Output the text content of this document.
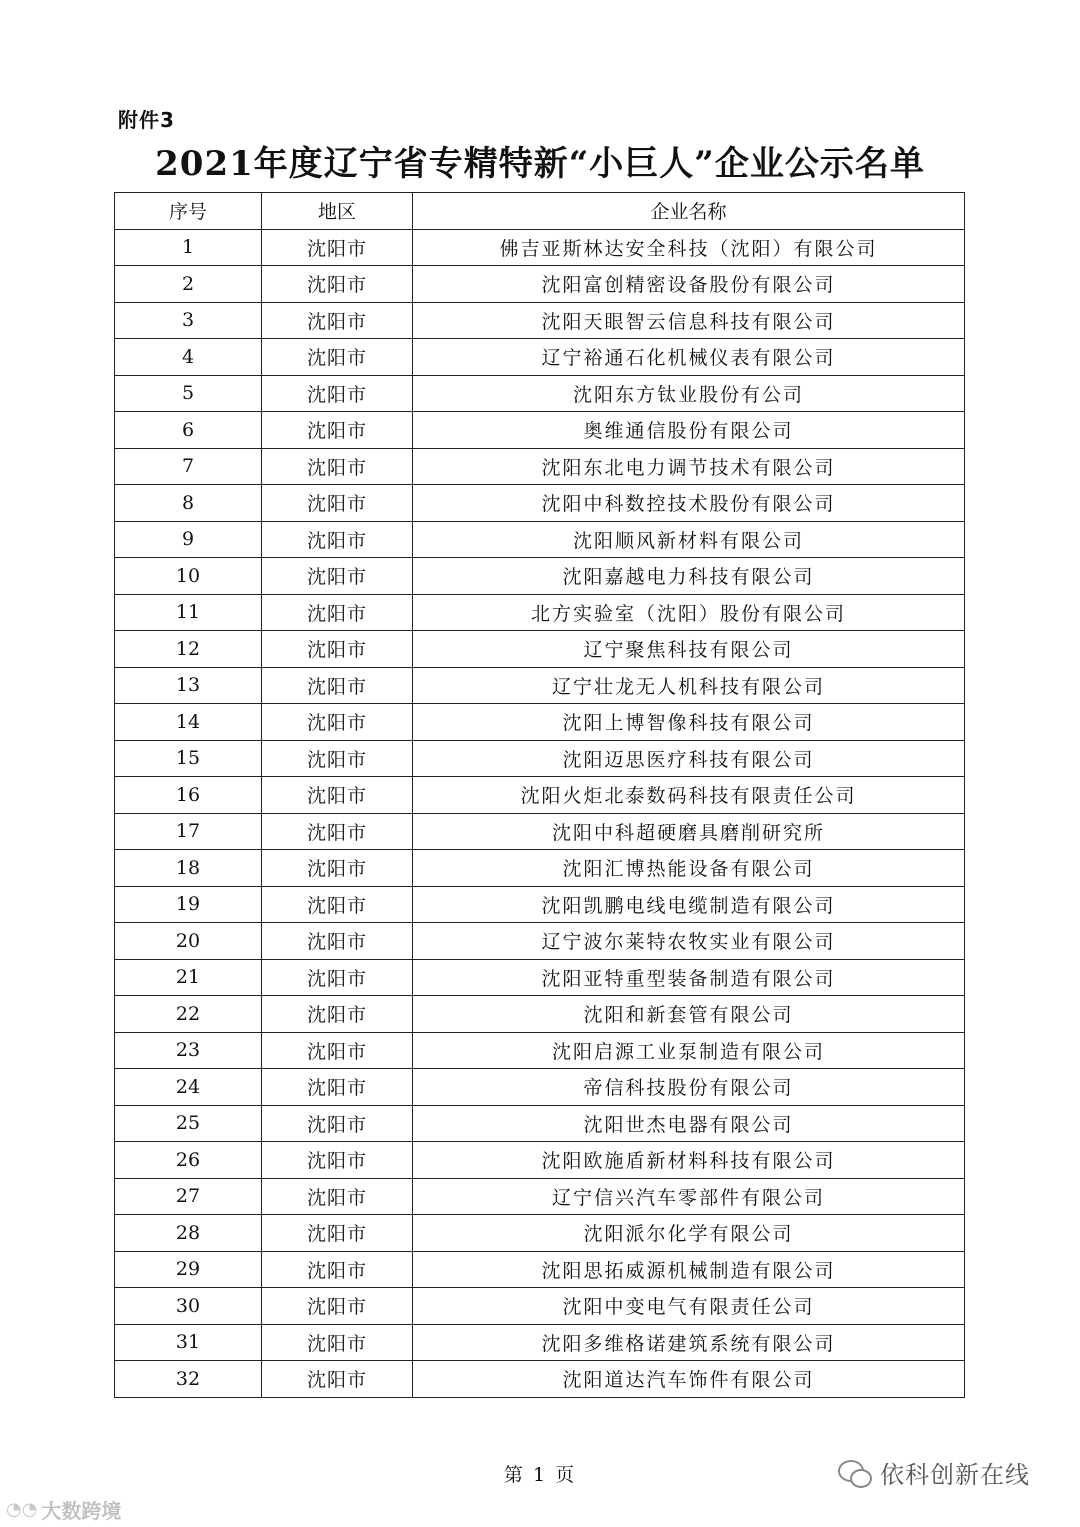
附件3
2021年度辽宁省专精特新“小巨人”企业公示名单
序号	地区	企业名称
1	沈阳市	佛吉亚斯林达安全科技（沈阳）有限公司
2	沈阳市	沈阳富创精密设备股份有限公司
3	沈阳市	沈阳天眼智云信息科技有限公司
4	沈阳市	辽宁裕通石化机械仪表有限公司
5	沈阳市	沈阳东方钛业股份有公司
6	沈阳市	奥维通信股份有限公司
7	沈阳市	沈阳东北电力调节技术有限公司
8	沈阳市	沈阳中科数控技术股份有限公司
9	沈阳市	沈阳顺风新材料有限公司
10	沈阳市	沈阳嘉越电力科技有限公司
11	沈阳市	北方实验室（沈阳）股份有限公司
12	沈阳市	辽宁聚焦科技有限公司
13	沈阳市	辽宁壮龙无人机科技有限公司
14	沈阳市	沈阳上博智像科技有限公司
15	沈阳市	沈阳迈思医疗科技有限公司
16	沈阳市	沈阳火炬北泰数码科技有限责任公司
17	沈阳市	沈阳中科超硬磨具磨削研究所
18	沈阳市	沈阳汇博热能设备有限公司
19	沈阳市	沈阳凯鹏电线电缆制造有限公司
20	沈阳市	辽宁波尔莱特农牧实业有限公司
21	沈阳市	沈阳亚特重型装备制造有限公司
22	沈阳市	沈阳和新套管有限公司
23	沈阳市	沈阳启源工业泵制造有限公司
24	沈阳市	帝信科技股份有限公司
25	沈阳市	沈阳世杰电器有限公司
26	沈阳市	沈阳欧施盾新材料科技有限公司
27	沈阳市	辽宁信兴汽车零部件有限公司
28	沈阳市	沈阳派尔化学有限公司
29	沈阳市	沈阳思拓威源机械制造有限公司
30	沈阳市	沈阳中变电气有限责任公司
31	沈阳市	沈阳多维格诺建筑系统有限公司
32	沈阳市	沈阳道达汽车饰件有限公司
第 1 页
◔◔ 大数跨境
依科创新在线
